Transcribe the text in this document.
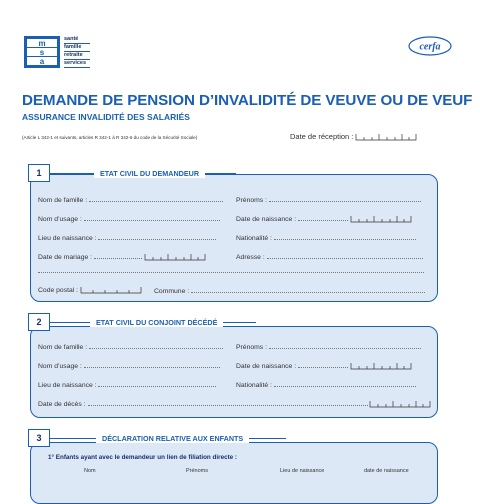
m
s
a
santé
famille
retraite
services
cerfa
DEMANDE DE PENSION D’INVALIDITÉ DE VEUVE OU DE VEUF
ASSURANCE INVALIDITÉ DES SALARIÉS
(Article L 342-1 et suivants, articles R 342-1 à R 342-6 du code de la Sécurité Sociale)	Date de réception :
1	ETAT CIVIL DU DEMANDEUR
Nom de famille :	Prénoms :
Nom d’usage :	Date de naissance :
Lieu de naissance :	Nationalité :
Date de mariage :	Adresse :
Code postal :	Commune :
2	ETAT CIVIL DU CONJOINT DÉCÉDÉ
Nom de famille :	Prénoms :
Nom d’usage :	Date de naissance :
Lieu de naissance :	Nationalité :
Date de décès :
3	DÉCLARATION RELATIVE AUX ENFANTS
1° Enfants ayant avec le demandeur un lien de filiation directe :
Nom	Prénoms	Lieu de naissance	date de naissance
